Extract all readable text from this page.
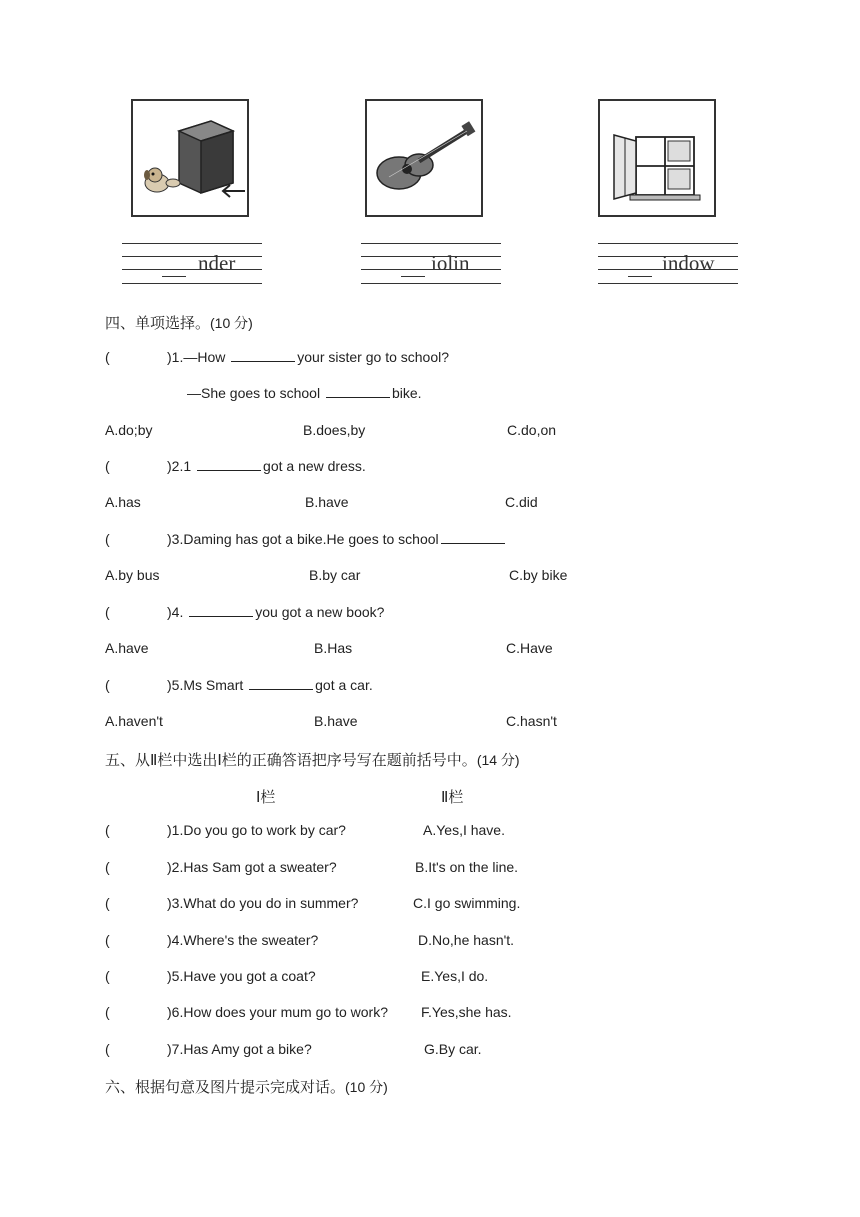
nder	iolin	indow
四、单项选择。(10 分)
(	)1.—How	your sister go to school?
—She goes to school	bike.
A.do;by	B.does,by	C.do,on
(	)2.1	got a new dress.
A.has	B.have	C.did
(	)3.Daming has got a bike.He goes to school
A.by bus	B.by car	C.by bike
(	)4.	you got a new book?
A.have	B.Has	C.Have
(	)5.Ms Smart	got a car.
A.haven't	B.have	C.hasn't
五、从Ⅱ栏中选出Ⅰ栏的正确答语把序号写在题前括号中。(14 分)
Ⅰ栏	Ⅱ栏
(	)1.Do you go to work by car?	A.Yes,I have.
(	)2.Has Sam got a sweater?	B.It's on the line.
(	)3.What do you do in summer?	C.I go swimming.
(	)4.Where's the sweater?	D.No,he hasn't.
(	)5.Have you got a coat?	E.Yes,I do.
(	)6.How does your mum go to work? F.Yes,she has.
(	)7.Has Amy got a bike?	G.By car.
六、根据句意及图片提示完成对话。(10 分)
